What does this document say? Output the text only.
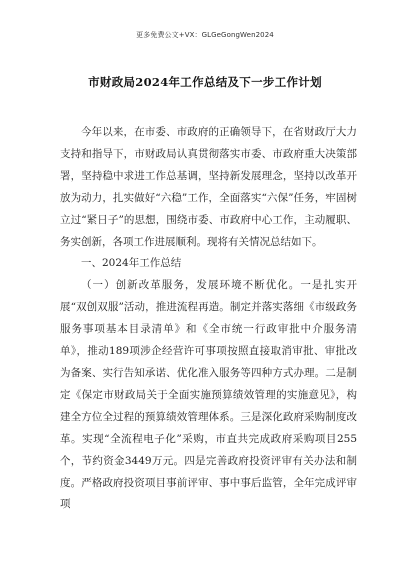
更多免费公文+VX：GLGeGongWen2024
市财政局2024年工作总结及下一步工作计划

今年以来，在市委、市政府的正确领导下，在省财政厅大力支持和指导下，市财政局认真贯彻落实市委、市政府重大决策部署，坚持稳中求进工作总基调，坚持新发展理念，坚持以改革开放为动力，扎实做好“六稳”工作，全面落实“六保”任务，牢固树立过“紧日子”的思想，围绕市委、市政府中心工作，主动履职、务实创新，各项工作进展顺利。现将有关情况总结如下。

一、2024年工作总结

（一）创新改革服务，发展环境不断优化。一是扎实开展“双创双服”活动，推进流程再造。制定并落实落细《市级政务服务事项基本目录清单》和《全市统一行政审批中介服务清单》，推动189项涉企经营许可事项按照直接取消审批、审批改为备案、实行告知承诺、优化准入服务等四种方式办理。二是制定《保定市财政局关于全面实施预算绩效管理的实施意见》，构建全方位全过程的预算绩效管理体系。三是深化政府采购制度改革。实现“全流程电子化”采购，市直共完成政府采购项目255个，节约资金3449万元。四是完善政府投资评审有关办法和制度。严格政府投资项目事前评审、事中事后监管，全年完成评审项
